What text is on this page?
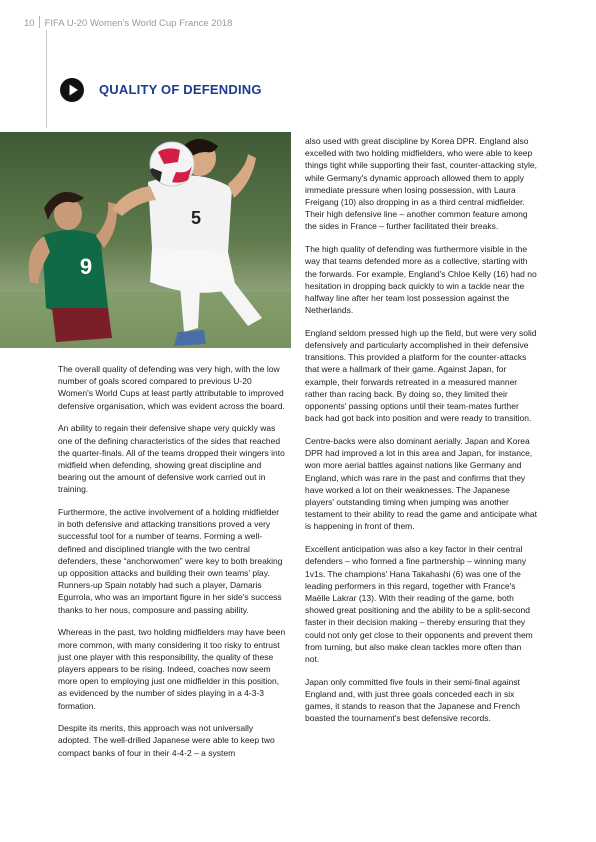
10 FIFA U-20 Women's World Cup France 2018
QUALITY OF DEFENDING
9
5

The overall quality of defending was very high, with the low number of goals scored compared to previous U-20 Women's World Cups at least partly attributable to improved defensive organisation, which was evident across the board.

An ability to regain their defensive shape very quickly was one of the defining characteristics of the sides that reached the quarter-finals. All of the teams dropped their wingers into midfield when defending, showing great discipline and bearing out the amount of defensive work carried out in training.

Furthermore, the active involvement of a holding midfielder in both defensive and attacking transitions proved a very successful tool for a number of teams. Forming a well-defined and disciplined triangle with the two central defenders, these “anchorwomen” were key to both breaking up opposition attacks and building their own teams’ play. Runners-up Spain notably had such a player, Damaris Egurrola, who was an important figure in her side's success thanks to her nous, composure and passing ability.

Whereas in the past, two holding midfielders may have been more common, with many considering it too risky to entrust just one player with this responsibility, the quality of these players appears to be rising. Indeed, coaches now seem more open to employing just one midfielder in this position, as evidenced by the number of sides playing in a 4-3-3 formation.

Despite its merits, this approach was not universally adopted. The well-drilled Japanese were able to keep two compact banks of four in their 4-4-2 – a system

also used with great discipline by Korea DPR. England also excelled with two holding midfielders, who were able to keep things tight while supporting their fast, counter-attacking style, while Germany's dynamic approach allowed them to apply immediate pressure when losing possession, with Laura Freigang (10) also dropping in as a third central midfielder. Their high defensive line – another common feature among the sides in France – further facilitated their breaks.

The high quality of defending was furthermore visible in the way that teams defended more as a collective, starting with the forwards. For example, England's Chloe Kelly (16) had no hesitation in dropping back quickly to win a tackle near the halfway line after her team lost possession against the Netherlands.

England seldom pressed high up the field, but were very solid defensively and particularly accomplished in their defensive transitions. This provided a platform for the counter-attacks that were a hallmark of their game. Against Japan, for example, their forwards retreated in a measured manner rather than racing back. By doing so, they limited their opponents' passing options until their team-mates further back had got back into position and were ready to transition.

Centre-backs were also dominant aerially. Japan and Korea DPR had improved a lot in this area and Japan, for instance, won more aerial battles against nations like Germany and England, which was rare in the past and confirms that they have worked a lot on their weaknesses. The Japanese players' outstanding timing when jumping was another testament to their ability to read the game and anticipate what is happening in front of them.

Excellent anticipation was also a key factor in their central defenders – who formed a fine partnership – winning many 1v1s. The champions' Hana Takahashi (6) was one of the leading performers in this regard, together with France's Maëlle Lakrar (13). With their reading of the game, both showed great positioning and the ability to be a split-second faster in their decision making – thereby ensuring that they could not only get close to their opponents and prevent them from turning, but also make clean tackles more often than not.

Japan only committed five fouls in their semi-final against England and, with just three goals conceded each in six games, it stands to reason that the Japanese and French boasted the tournament's best defensive records.
